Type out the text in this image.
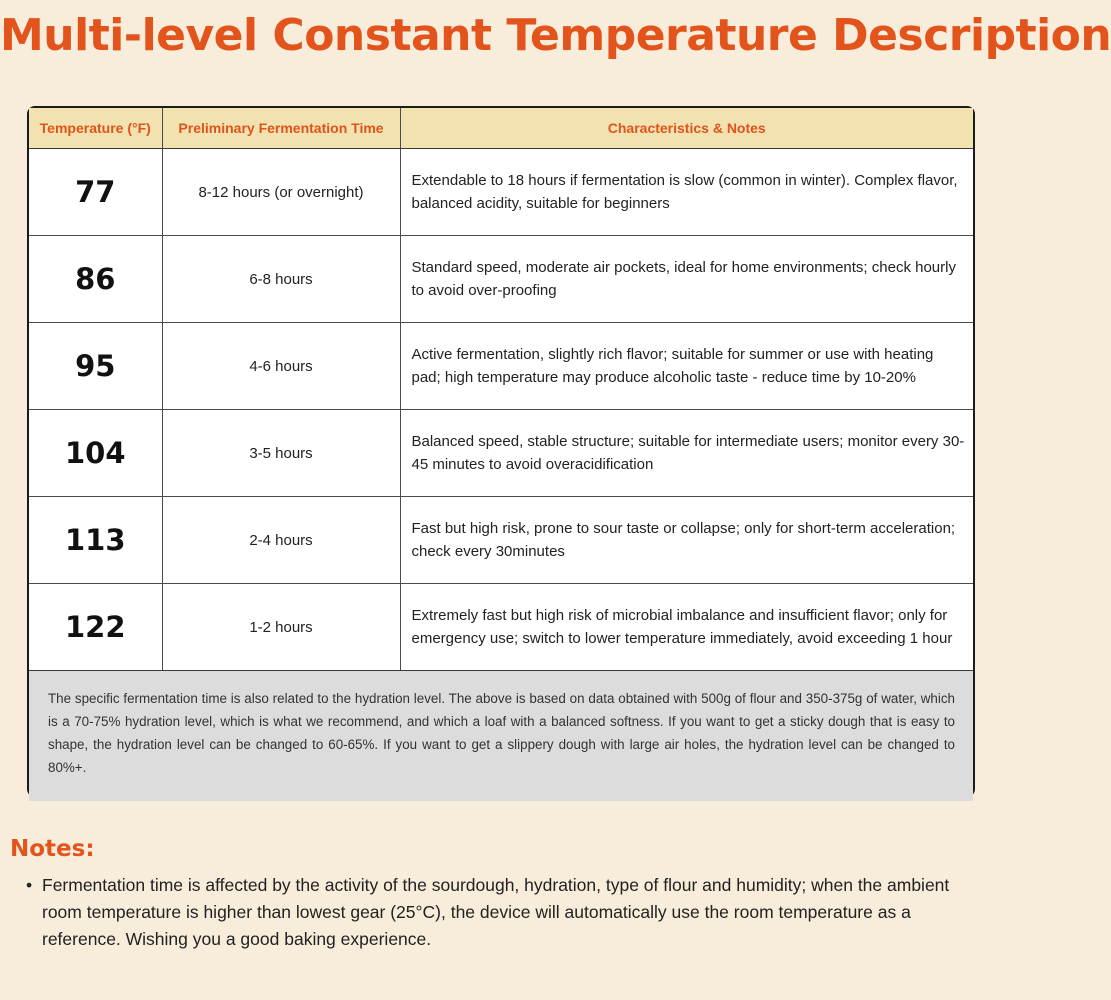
Multi-level Constant Temperature Description
Temperature (°F)	Preliminary Fermentation Time	Characteristics & Notes
77	8-12 hours (or overnight)	Extendable to 18 hours if fermentation is slow (common in winter). Complex flavor, balanced acidity, suitable for beginners
86	6-8 hours	Standard speed, moderate air pockets, ideal for home environments; check hourly to avoid over-proofing
95	4-6 hours	Active fermentation, slightly rich flavor; suitable for summer or use with heating pad; high temperature may produce alcoholic taste - reduce time by 10-20%
104	3-5 hours	Balanced speed, stable structure; suitable for intermediate users; monitor every 30-45 minutes to avoid overacidification
113	2-4 hours	Fast but high risk, prone to sour taste or collapse; only for short-term acceleration; check every 30minutes
122	1-2 hours	Extremely fast but high risk of microbial imbalance and insufficient flavor; only for emergency use; switch to lower temperature immediately, avoid exceeding 1 hour
The specific fermentation time is also related to the hydration level. The above is based on data obtained with 500g of flour and 350-375g of water, which is a 70-75% hydration level, which is what we recommend, and which a loaf with a balanced softness. If you want to get a sticky dough that is easy to shape, the hydration level can be changed to 60-65%. If you want to get a slippery dough with large air holes, the hydration level can be changed to 80%+.
Notes:
• Fermentation time is affected by the activity of the sourdough, hydration, type of flour and humidity; when the ambient room temperature is higher than lowest gear (25°C), the device will automatically use the room temperature as a reference. Wishing you a good baking experience.
